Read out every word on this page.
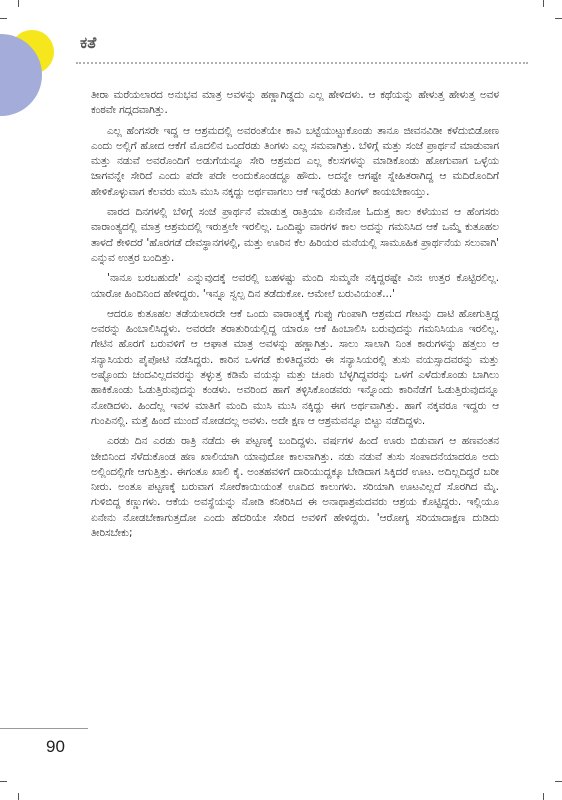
ಕತೆ

ತೀರಾ ಮರೆಯಲಾರದ ಅನುಭವ ಮಾತ್ರ ಅವಳನ್ನು ಹಣ್ಣಾಗಿಡ್ಡದು ಎಲ್ಲ ಹೇಳಿದಳು. ಆ ಕಥೆಯನ್ನು ಹೇಳುತ್ತ ಹೇಳುತ್ತ ಅವಳ ಕಂಠವೇ ಗದ್ಗದವಾಗಿತ್ತು.

ಎಲ್ಲ ಹೆಂಗಸರೇ ಇದ್ದ ಆ ಆಶ್ರಮದಲ್ಲಿ ಅವರಂತೆಯೇ ಕಾವಿ ಬಟ್ಟೆಯುಟ್ಟುಕೊಂಡು ತಾನೂ ಜೀವನವಿಡೀ ಕಳೆದುಬಿಡೋಣ ಎಂದು ಅಲ್ಲಿಗೆ ಹೋದ ಆಕೆಗೆ ಮೊದಲಿನ ಒಂದೆರಡು ತಿಂಗಳು ಎಲ್ಲ ಸಮವಾಗಿತ್ತು. ಬೆಳಿಗ್ಗೆ ಮತ್ತು ಸಂಜೆ ಪ್ರಾರ್ಥನೆ ಮಾಡುವಾಗ ಮತ್ತು ನಡುವೆ ಅವರೊಂದಿಗೆ ಅಡುಗೆಯನ್ನೂ ಸೇರಿ ಆಶ್ರಮದ ಎಲ್ಲ ಕೆಲಸಗಳನ್ನು ಮಾಡಿಕೊಂಡು ಹೋಗುವಾಗ ಒಳ್ಳೆಯ ಜಾಗವನ್ನೇ ಸೇರಿದೆ ಎಂದು ಪದೇ ಪದೇ ಅಂದುಕೊಂಡದ್ದೂ ಹೌದು. ಅದನ್ನೇ ಆಗಷ್ಟೇ ಸ್ನೇಹಿತರಾಗಿದ್ದ ಆ ಮದಿರೊಂದಿಗೆ ಹೇಳಿಕೊಳ್ಳುವಾಗ ಕೆಲವರು ಮುಸಿ ಮುಸಿ ನಕ್ಕದ್ದು ಅರ್ಥವಾಗಲು ಆಕೆ ಇನ್ನೆರಡು ತಿಂಗಳ್ ಕಾಯಬೇಕಾಯ್ತು.

ವಾರದ ದಿನಗಳಲ್ಲಿ ಬೆಳಿಗ್ಗೆ ಸಂಜೆ ಪ್ರಾರ್ಥನೆ ಮಾಡುತ್ತ ರಾತ್ರಿಯಾ ಏನೇನೋ ಓದುತ್ತ ಕಾಲ ಕಳೆಯುವ ಆ ಹೆಂಗಸರು ವಾರಾಂತ್ಯದಲ್ಲಿ ಮಾತ್ರ ಆಶ್ರಮದಲ್ಲಿ ಇರುತ್ತಲೇ ಇರಲಿಲ್ಲ. ಒಂದಿಷ್ಟು ವಾರಗಳ ಕಾಲ ಅದನ್ನು ಗಮನಿಸಿದ ಆಕೆ ಒಮ್ಮೆ ಕುತೂಹಲ ತಾಳದೆ ಕೇಳಿದರೆ 'ಹೊರಗಡೆ ದೇವಸ್ಥಾನಗಳಲ್ಲಿ, ಮತ್ತು ಊರಿನ ಕೆಲ ಹಿರಿಯರ ಮನೆಯಲ್ಲಿ ಸಾಮೂಹಿಕ ಪ್ರಾರ್ಥನೆಯ ಸಲುವಾಗಿ' ಎನ್ನುವ ಉತ್ತರ ಬಂದಿತ್ತು.

'ನಾನೂ ಬರಬಹುದೇ' ಎನ್ನುವುದಕ್ಕೆ ಅವರಲ್ಲಿ ಬಹಳಷ್ಟು ಮಂದಿ ಸುಮ್ಮನೇ ನಕ್ಕಿದ್ದರಷ್ಟೇ ವಿನಃ ಉತ್ತರ ಕೊಟ್ಟಿರಲಿಲ್ಲ. ಯಾರೋ ಹಿಂದಿನಿಂದ ಹೇಳಿದ್ದರು. 'ಇನ್ನೂ ಸ್ವಲ್ಪ ದಿನ ತಡೆದುಕೋ. ಆಮೇಲೆ ಬರುವಿಯಂತೆ...'

ಆದರೂ ಕುತೂಹಲ ತಡೆಯಲಾರದೇ ಆಕೆ ಒಂದು ವಾರಾಂತ್ಯಕ್ಕೆ ಗುಪ್ಪು ಗುಂಪಾಗಿ ಆಶ್ರಮದ ಗೇಟನ್ನು ದಾಟಿ ಹೋಗುತ್ತಿದ್ದ ಅವರನ್ನು ಹಿಂಬಾಲಿಸಿದ್ದಳು. ಅವರದೇ ತರಾತುರಿಯಲ್ಲಿದ್ದ ಯಾರೂ ಆಕೆ ಹಿಂಬಾಲಿಸಿ ಬರುವುದನ್ನು ಗಮನಿಸಿಯೂ ಇರಲಿಲ್ಲ. ಗೇಟಿನ ಹೊರಗೆ ಬರುವಳಿಗೆ ಆ ಆಘಾತ ಮಾತ್ರ ಅವಳನ್ನು ಹಣ್ಣಾಗಿತ್ತು. ಸಾಲು ಸಾಲಾಗಿ ನಿಂತ ಕಾರುಗಳನ್ನು ಹತ್ತಲು ಆ ಸನ್ಯಾಸಿಯರು ಪೈಪೋಟಿ ನಡೆಸಿದ್ದರು. ಕಾರಿನ ಒಳಗಡೆ ಕುಳಿತಿದ್ದವರು ಈ ಸನ್ಯಾಸಿಯರಲ್ಲಿ ತುಸು ವಯಸ್ಸಾದವರನ್ನು ಮತ್ತು ಅಷ್ಟೊಂದು ಚಂದವಿಲ್ಲದವರನ್ನು ತಳ್ಳುತ್ತ ಕಡಿಮೆ ವಯಸ್ಸು ಮತ್ತು ಚೂರು ಬೆಳ್ಳಗಿದ್ದವರನ್ನು ಒಳಗೆ ಎಳೆದುಕೊಂಡು ಬಾಗಿಲು ಹಾಕಿಕೊಂಡು ಓಡುತ್ತಿರುವುದನ್ನು ಕಂಡಳು. ಅವರಿಂದ ಹಾಗೆ ತಳ್ಳಿಸಿಕೊಂಡವರು ಇನ್ನೊಂದು ಕಾರಿನೆಡೆಗೆ ಓಡುತ್ತಿರುವುದನ್ನೂ ನೋಡಿದಳು. ಹಿಂದೆಲ್ಲ ಇವಳ ಮಾತಿಗೆ ಮಂದಿ ಮುಸಿ ಮುಸಿ ನಕ್ಕಿದ್ದು ಈಗ ಅರ್ಥವಾಗಿತ್ತು. ಹಾಗೆ ನಕ್ಕವರೂ ಇದ್ದರು ಆ ಗುಂಪಿನಲ್ಲಿ. ಮತ್ತೆ ಹಿಂದೆ ಮುಂದೆ ನೋಡದಲ್ಲ ಅವಳು. ಅದೇ ಕ್ಷಣ ಆ ಆಶ್ರಮವನ್ನೂ ಬಿಟ್ಟು ನಡೆದಿದ್ದಳು.

ಎರಡು ದಿನ ಎರಡು ರಾತ್ರಿ ನಡೆದು ಈ ಪಟ್ಟಣಕ್ಕೆ ಬಂದಿದ್ದಳು. ವರ್ಷಗಳ ಹಿಂದೆ ಊರು ಬಿಡುವಾಗ ಆ ಹಣವಂತನ ಜೇಬಿನಿಂದ ಸೆಳೆದುಕೊಂಡ ಹಣ ಖಾಲಿಯಾಗಿ ಯಾವುದೋ ಕಾಲವಾಗಿತ್ತು. ನಡು ನಡುವೆ ತುಸು ಸಂಪಾದನೆಯಾದರೂ ಅದು ಅಲ್ಲಿಂದಲ್ಲಿಗೇ ಆಗುತ್ತಿತ್ತು. ಈಗಂತೂ ಖಾಲಿ ಕೈ. ಅಂತಹವಳಿಗೆ ದಾರಿಯುದ್ದಕ್ಕೂ ಬೇಡಿದಾಗ ಸಿಕ್ಕಿದರೆ ಊಟ. ಅದಿಲ್ಲದಿದ್ದರೆ ಬರೀ ನೀರು. ಅಂತೂ ಪಟ್ಟಣಕ್ಕೆ ಬರುವಾಗ ಸೋರೆಕಾಯಿಯಂತೆ ಊದಿದ ಕಾಲುಗಳು. ಸರಿಯಾಗಿ ಊಟವಿಲ್ಲದೆ ಸೊರಗಿದ ಮೈ. ಗುಳಿಬಿದ್ದ ಕಣ್ಣುಗಳು. ಆಕೆಯ ಅವಸ್ಥೆಯನ್ನು ನೋಡಿ ಕನಿಕರಿಸಿದ ಈ ಅನಾಥಾಶ್ರಮದವರು ಆಶ್ರಯ ಕೊಟ್ಟಿದ್ದರು. ಇಲ್ಲಿಯೂ ಏನೇನು ನೋಡಬೇಕಾಗುತ್ತದೋ ಎಂದು ಹೆದರಿಯೇ ಸೇರಿದ ಅವಳಿಗೆ ಹೇಳಿದ್ದರು. 'ಆರೋಗ್ಯ ಸರಿಯಾದಾಕ್ಷಣ ದುಡಿದು ತೀರಿಸಬೇಕು;

90
